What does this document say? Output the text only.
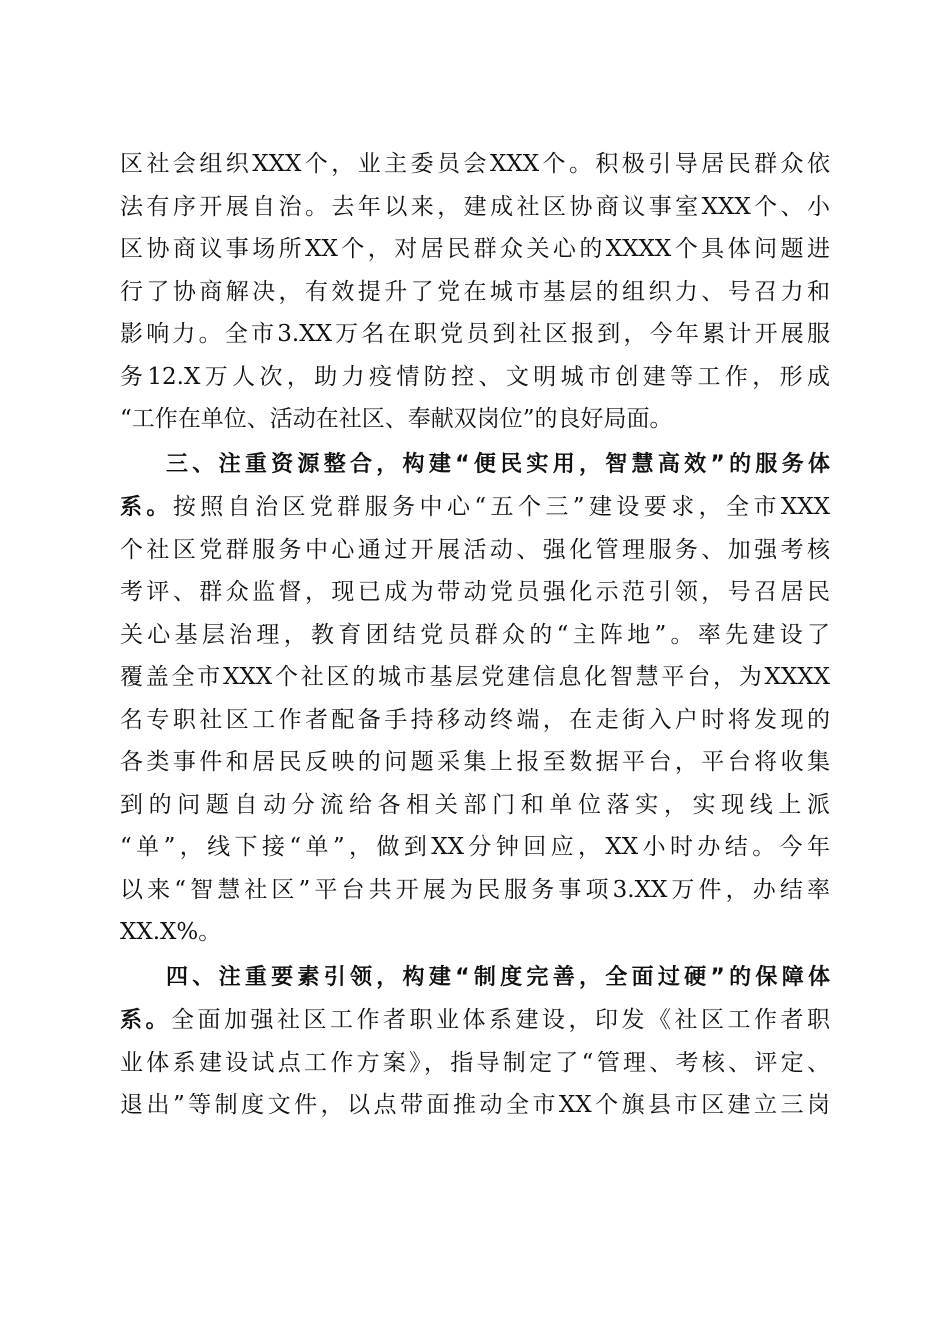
区社会组织XXX个，业主委员会XXX个。积极引导居民群众依
法有序开展自治。去年以来，建成社区协商议事室XXX个、小
区协商议事场所XX个，对居民群众关心的XXXX个具体问题进
行了协商解决，有效提升了党在城市基层的组织力、号召力和
影响力。全市3.XX万名在职党员到社区报到，今年累计开展服
务12.X万人次，助力疫情防控、文明城市创建等工作，形成
“工作在单位、活动在社区、奉献双岗位”的良好局面。
三、注重资源整合，构建“便民实用，智慧高效”的服务体
系。按照自治区党群服务中心“五个三”建设要求，全市XXX
个社区党群服务中心通过开展活动、强化管理服务、加强考核
考评、群众监督，现已成为带动党员强化示范引领，号召居民
关心基层治理，教育团结党员群众的“主阵地”。率先建设了
覆盖全市XXX个社区的城市基层党建信息化智慧平台，为XXXX
名专职社区工作者配备手持移动终端，在走街入户时将发现的
各类事件和居民反映的问题采集上报至数据平台，平台将收集
到的问题自动分流给各相关部门和单位落实，实现线上派
“单”，线下接“单”，做到XX分钟回应，XX小时办结。今年
以来“智慧社区”平台共开展为民服务事项3.XX万件，办结率
XX.X%。
四、注重要素引领，构建“制度完善，全面过硬”的保障体
系。全面加强社区工作者职业体系建设，印发《社区工作者职
业体系建设试点工作方案》，指导制定了“管理、考核、评定、
退出”等制度文件，以点带面推动全市XX个旗县市区建立三岗
